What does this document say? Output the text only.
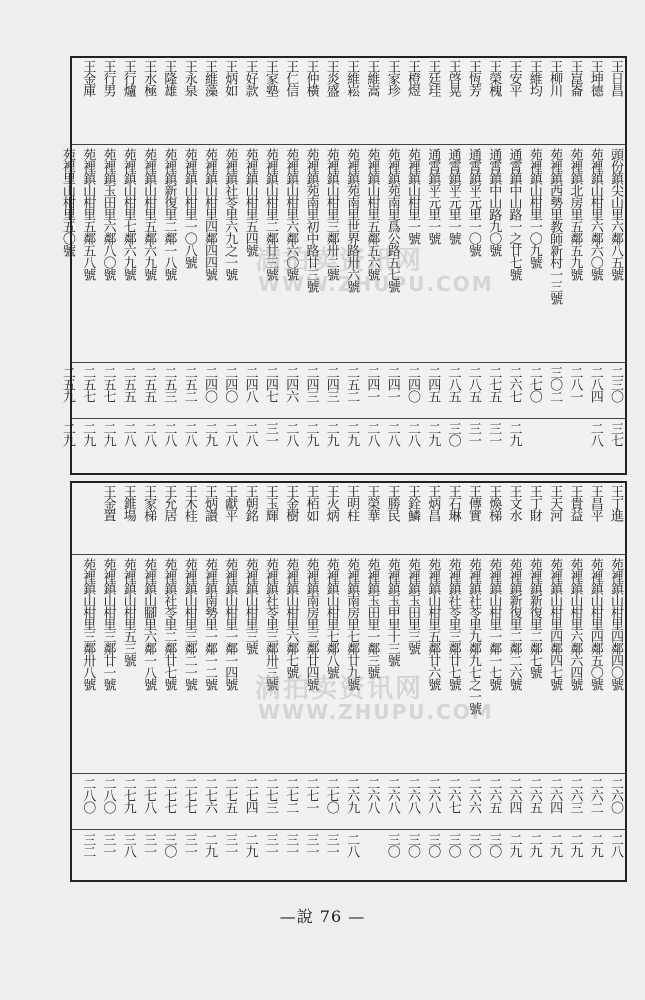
王日昌
頭份鎮尖山里六鄰八五號
二三〇
三七
王坤德
苑裡鎮山柑里六鄰六〇號
二八四
二八
王崑崙
苑裡鎮北房里五鄰五九號
二八一
王柳川
苑裡鎮西勢里教師新村一三號
三〇二
王維均
苑裡鎮山柑里一〇九號
二七〇
王安平
通霄鎮中山路一之廿七號
二六七
二九
王榮槐
通霄鎮中山路九〇號
二七五
三一
王恆芳
通霄鎮平元里一〇號
二八五
三一
王啓晃
通霄鎮平元里一號
二八五
三〇
王廷珪
通霄鎮平元里一號
二四五
二九
王橙煜
苑裡鎮山柑里一號
二四〇
二八
王家珍
苑裡鎮苑南里爲公路五七號
二四一
二八
王維嵩
苑裡鎮山柑里五鄰五六號
二四一
二八
王維崧
苑裡鎮苑南里世界路卅六號
二五二
二九
王炎盛
苑裡鎮山柑里三鄰卅二號
二四三
二九
王仲橫
苑裡鎮苑南里初中路廿三號
二四三
二九
王仁信
苑裡鎮山柑里六鄰六〇號
二四六
二八
王家塾
苑裡鎮山柑里二鄰廿三號
二四七
三一
王好款
苑裡鎮山柑里五四號
二四八
二八
王炳如
苑裡鎮社苓里六九之一號
二四〇
二八
王維藻
苑裡鎮山柑里四鄰四四號
二四〇
二九
王永泉
苑裡鎮山柑里一〇八號
二五二
二八
王隆雄
苑裡鎮新復里二鄰一八號
二五三
二八
王水極
苑裡鎮山柑里五鄰六九號
二五五
二八
王行爐
苑裡鎮山柑里七鄰六九號
二五五
二八
王行男
苑裡鎮玉田里六鄰八〇號
二五七
二九
王金庫
苑裡鎮山柑里五鄰五八號
二五七
二九
苑裡里山柑里五〇號
二五九
二九
王丁進
苑裡鎮山柑里四鄰四〇號
二六〇
二八
王昌平
苑裡鎮山柑里四鄰五〇號
二六二
二九
王貴益
苑裡鎮山柑里六鄰六四號
二六三
二九
王天河
苑裡鎮山柑里四鄰四七號
二六四
二九
王丁財
苑裡鎮新復里二鄰七號
二六五
二九
王文水
苑裡鎮新復里二鄰二六號
二六四
二九
王煥梯
苑裡鎮山柑里一鄰一七號
二六五
三〇
王傳實
苑裡鎮社苓里九鄰九七之一號
二六六
三〇
王石琳
苑裡鎮社苓里三鄰廿七號
二六七
三〇
王炳昌
苑裡鎮山柑里五鄰廿六號
二六八
三〇
王銓鱗
苑裡鎮玉田里三號
二六八
三〇
王勝民
苑裡鎮玉甲里十三號
二六八
三〇
王榮華
苑裡鎮玉田里一鄰三號
二六八
王明柱
苑裡鎮南房里七鄰廿九號
二六九
二八
王火炳
苑裡鎮山柑里七鄰八號
二七〇
三一
王栢如
苑裡鎮南房里三鄰廿四號
二七一
三一
王金樹
苑裡鎮山柑里六鄰七號
二七二
三一
王玉輝
苑裡鎮社苓里三鄰卅三號
二七三
三一
王朝銘
苑裡鎮山柑里三號
二七四
二九
王獻平
苑裡鎮山柑里一鄰一四號
二七五
三一
王炳讃
苑裡鎮南勢里一鄰一二號
二七六
二九
王木桂
苑裡鎮山柑里三鄰二一號
二七七
三一
王允居
苑裡鎮社苓里二鄰廿七號
二七七
三〇
王家梯
苑裡鎮山腳里六鄰一八號
二七八
三一
王錐場
苑裡鎮山柑里五三號
二七九
三八
王金置
苑裡鎮山柑里三鄰廿一號
二八〇
三一
苑裡鎮山柑里三鄰卅八號
二八〇
三二
满拍卖资讯网
WWW.ZHUPU.COM
满拍卖资讯网
WWW.ZHUPU.COM
—說 76 —
